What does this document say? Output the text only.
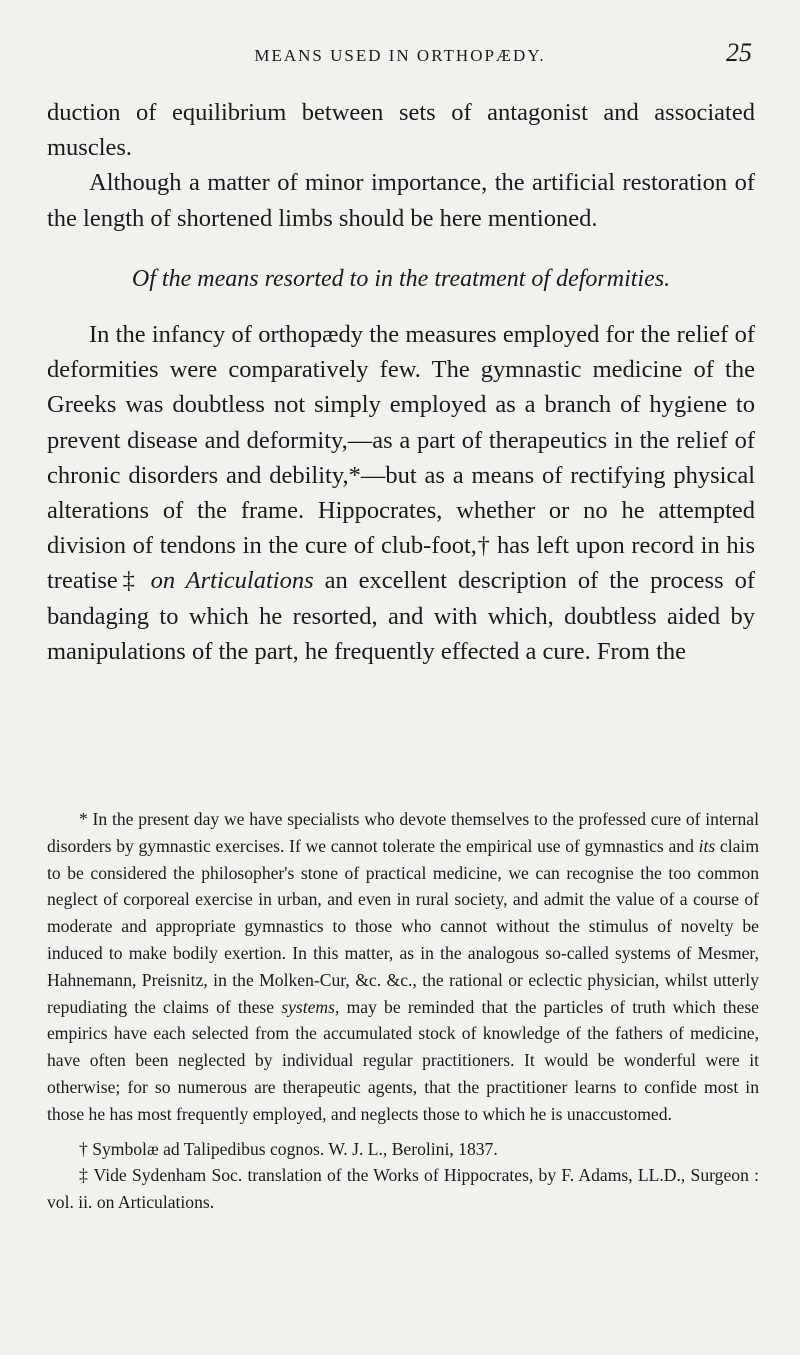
MEANS USED IN ORTHOPÆDY.	25

duction of equilibrium between sets of antagonist and associated muscles.

Although a matter of minor importance, the artificial restoration of the length of shortened limbs should be here mentioned.

Of the means resorted to in the treatment of deformities.

In the infancy of orthopædy the measures employed for the relief of deformities were comparatively few. The gymnastic medicine of the Greeks was doubtless not simply employed as a branch of hygiene to prevent disease and deformity,—as a part of therapeutics in the relief of chronic disorders and debility,*—but as a means of rectifying physical alterations of the frame. Hippocrates, whether or no he attempted division of tendons in the cure of club-foot,† has left upon record in his treatise‡ on Articulations an excellent description of the process of bandaging to which he resorted, and with which, doubtless aided by manipulations of the part, he frequently effected a cure. From the

* In the present day we have specialists who devote themselves to the professed cure of internal disorders by gymnastic exercises. If we cannot tolerate the empirical use of gymnastics and its claim to be considered the philosopher's stone of practical medicine, we can recognise the too common neglect of corporeal exercise in urban, and even in rural society, and admit the value of a course of moderate and appropriate gymnastics to those who cannot without the stimulus of novelty be induced to make bodily exertion. In this matter, as in the analogous so-called systems of Mesmer, Hahnemann, Preisnitz, in the Molken-Cur, &c. &c., the rational or eclectic physician, whilst utterly repudiating the claims of these systems, may be reminded that the particles of truth which these empirics have each selected from the accumulated stock of knowledge of the fathers of medicine, have often been neglected by individual regular practitioners. It would be wonderful were it otherwise; for so numerous are therapeutic agents, that the practitioner learns to confide most in those he has most frequently employed, and neglects those to which he is unaccustomed.

† Symbolæ ad Talipedibus cognos. W. J. L., Berolini, 1837.

‡ Vide Sydenham Soc. translation of the Works of Hippocrates, by F. Adams, LL.D., Surgeon : vol. ii. on Articulations.
